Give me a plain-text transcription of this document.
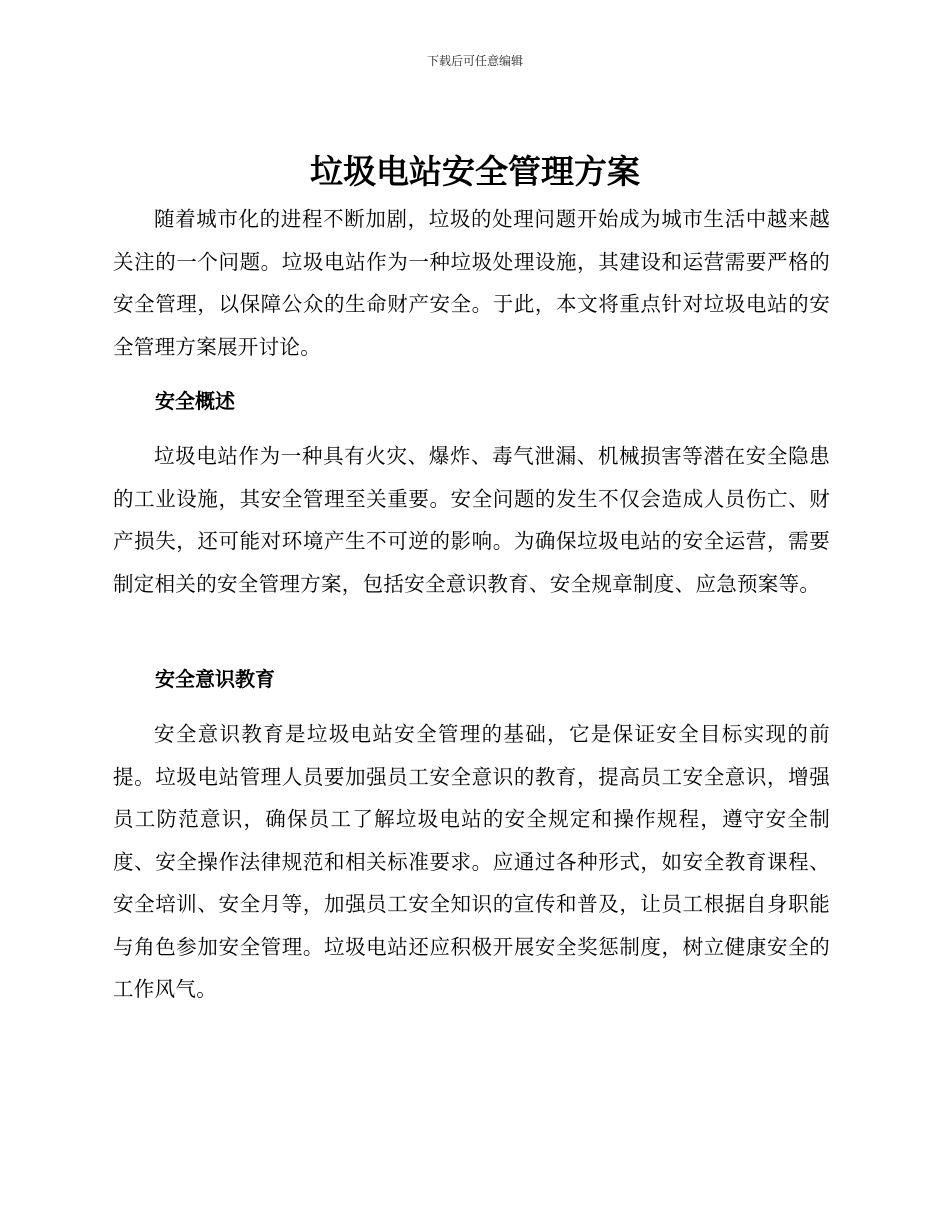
下载后可任意编辑
垃圾电站安全管理方案

随着城市化的进程不断加剧，垃圾的处理问题开始成为城市生活中越来越关注的一个问题。垃圾电站作为一种垃圾处理设施，其建设和运营需要严格的安全管理，以保障公众的生命财产安全。于此，本文将重点针对垃圾电站的安全管理方案展开讨论。

安全概述

垃圾电站作为一种具有火灾、爆炸、毒气泄漏、机械损害等潜在安全隐患的工业设施，其安全管理至关重要。安全问题的发生不仅会造成人员伤亡、财产损失，还可能对环境产生不可逆的影响。为确保垃圾电站的安全运营，需要制定相关的安全管理方案，包括安全意识教育、安全规章制度、应急预案等。

安全意识教育

安全意识教育是垃圾电站安全管理的基础，它是保证安全目标实现的前提。垃圾电站管理人员要加强员工安全意识的教育，提高员工安全意识，增强员工防范意识，确保员工了解垃圾电站的安全规定和操作规程，遵守安全制度、安全操作法律规范和相关标准要求。应通过各种形式，如安全教育课程、安全培训、安全月等，加强员工安全知识的宣传和普及，让员工根据自身职能与角色参加安全管理。垃圾电站还应积极开展安全奖惩制度，树立健康安全的工作风气。
